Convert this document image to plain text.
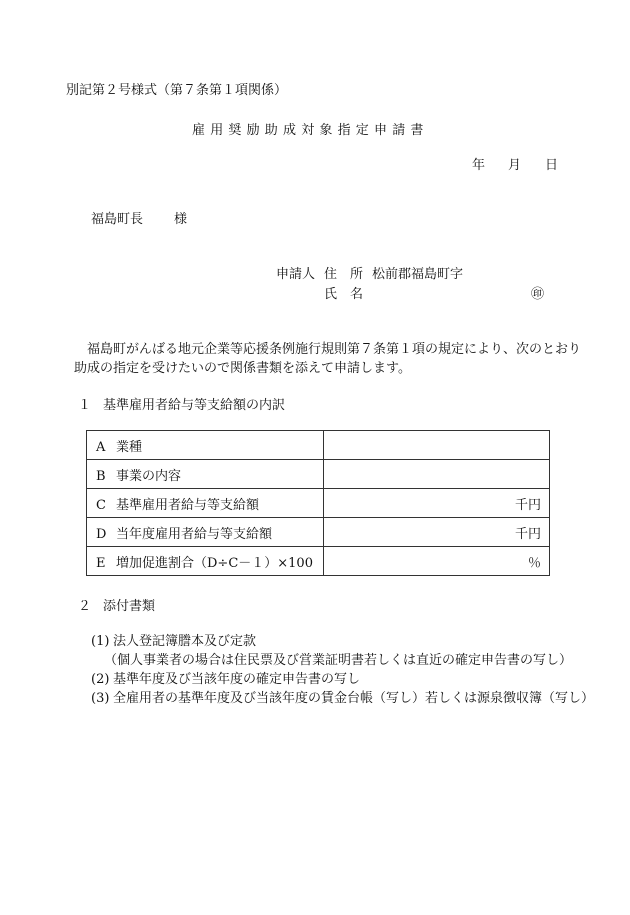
別記第２号様式（第７条第１項関係）
雇用奨励助成対象指定申請書
年 月 日
福島町長 様
申請人 住　所 松前郡福島町字
氏　名	㊞
福島町がんばる地元企業等応援条例施行規則第７条第１項の規定により、次のとおり
助成の指定を受けたいので関係書類を添えて申請します。
１ 基準雇用者給与等支給額の内訳
A 業種	
B 事業の内容	
C 基準雇用者給与等支給額	千円
D 当年度雇用者給与等支給額	千円
E 増加促進割合（D÷C－１）×100	％
２ 添付書類
(1) 法人登記簿謄本及び定款
（個人事業者の場合は住民票及び営業証明書若しくは直近の確定申告書の写し）
(2) 基準年度及び当該年度の確定申告書の写し
(3) 全雇用者の基準年度及び当該年度の賃金台帳（写し）若しくは源泉徴収簿（写し）
